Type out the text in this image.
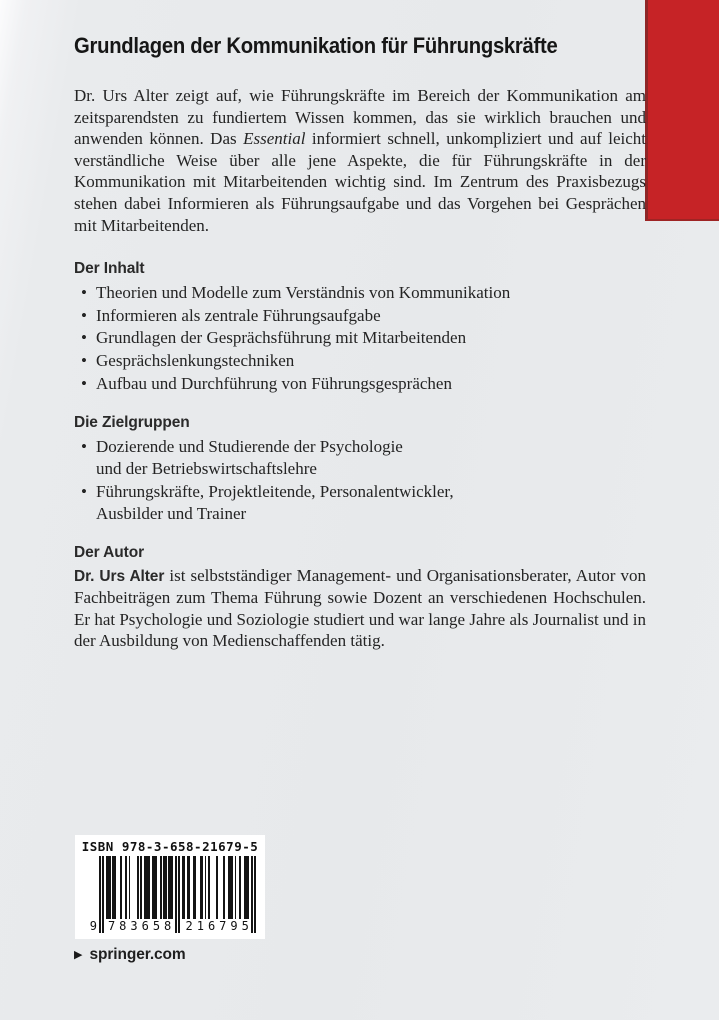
Grundlagen der Kommunikation für Führungskräfte

Dr. Urs Alter zeigt auf, wie Führungskräfte im Bereich der Kommunikation am zeitsparendsten zu fundiertem Wissen kommen, das sie wirklich brauchen und anwenden können. Das Essential informiert schnell, unkompliziert und auf leicht verständliche Weise über alle jene Aspekte, die für Führungskräfte in der Kommunikation mit Mitarbeitenden wichtig sind. Im Zentrum des Praxisbezugs stehen dabei Informieren als Führungsaufgabe und das Vorgehen bei Gesprächen mit Mitarbeitenden.

Der Inhalt
• Theorien und Modelle zum Verständnis von Kommunikation
• Informieren als zentrale Führungsaufgabe
• Grundlagen der Gesprächsführung mit Mitarbeitenden
• Gesprächslenkungstechniken
• Aufbau und Durchführung von Führungsgesprächen
Die Zielgruppen
• Dozierende und Studierende der Psychologie
und der Betriebswirtschaftslehre
• Führungskräfte, Projektleitende, Personalentwickler,
Ausbilder und Trainer
Der Autor

Dr. Urs Alter ist selbstständiger Management- und Organisationsberater, Autor von Fachbeiträgen zum Thema Führung sowie Dozent an verschiedenen Hochschulen. Er hat Psychologie und Soziologie studiert und war lange Jahre als Journalist und in der Ausbildung von Medienschaffenden tätig.

ISBN 978-3-658-21679-5
9 783658 216795
▶ springer.com
